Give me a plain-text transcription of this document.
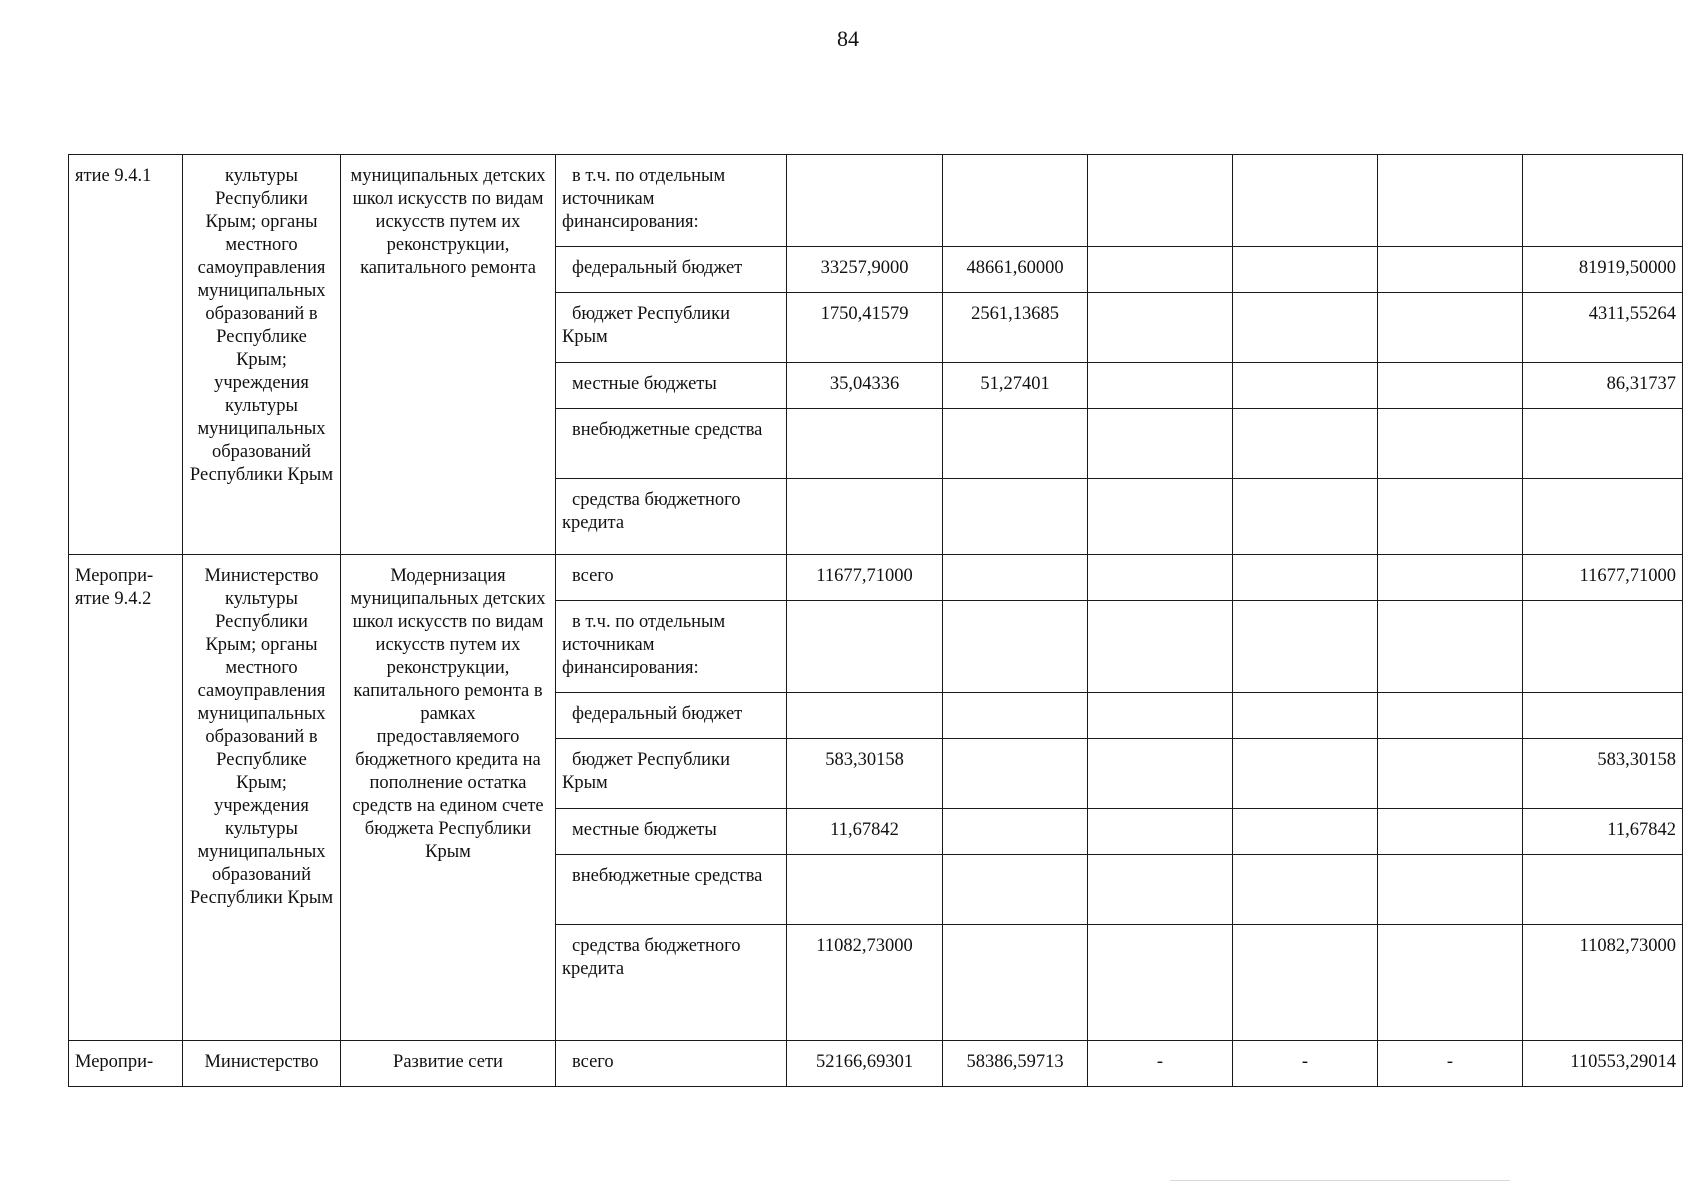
84
ятие 9.4.1	культуры Республики Крым; органы местного самоуправления муниципальных образований в Республике Крым; учреждения культуры муниципальных образований Республики Крым	муниципальных детских школ искусств по видам искусств путем их реконструкции, капитального ремонта	в т.ч. по отдельным источникам финансирования:						

			федеральный бюджет	33257,9000	48661,60000				81919,50000

			бюджет Республики Крым	1750,41579	2561,13685				4311,55264

			местные бюджеты	35,04336	51,27401				86,31737

			внебюджетные средства						

			средства бюджетного кредита						

Меропри-ятие 9.4.2	Министерство культуры Республики Крым; органы местного самоуправления муниципальных образований в Республике Крым; учреждения культуры муниципальных образований Республики Крым	Модернизация муниципальных детских школ искусств по видам искусств путем их реконструкции, капитального ремонта в рамках предоставляемого бюджетного кредита на пополнение остатка средств на едином счете бюджета Республики Крым	всего	11677,71000					11677,71000

			в т.ч. по отдельным источникам финансирования:						

			федеральный бюджет						

			бюджет Республики Крым	583,30158					583,30158

			местные бюджеты	11,67842					11,67842

			внебюджетные средства						

			средства бюджетного кредита	11082,73000					11082,73000
Меропри-	Министерство	Развитие сети	всего	52166,69301	58386,59713	-	-	-	110553,29014
